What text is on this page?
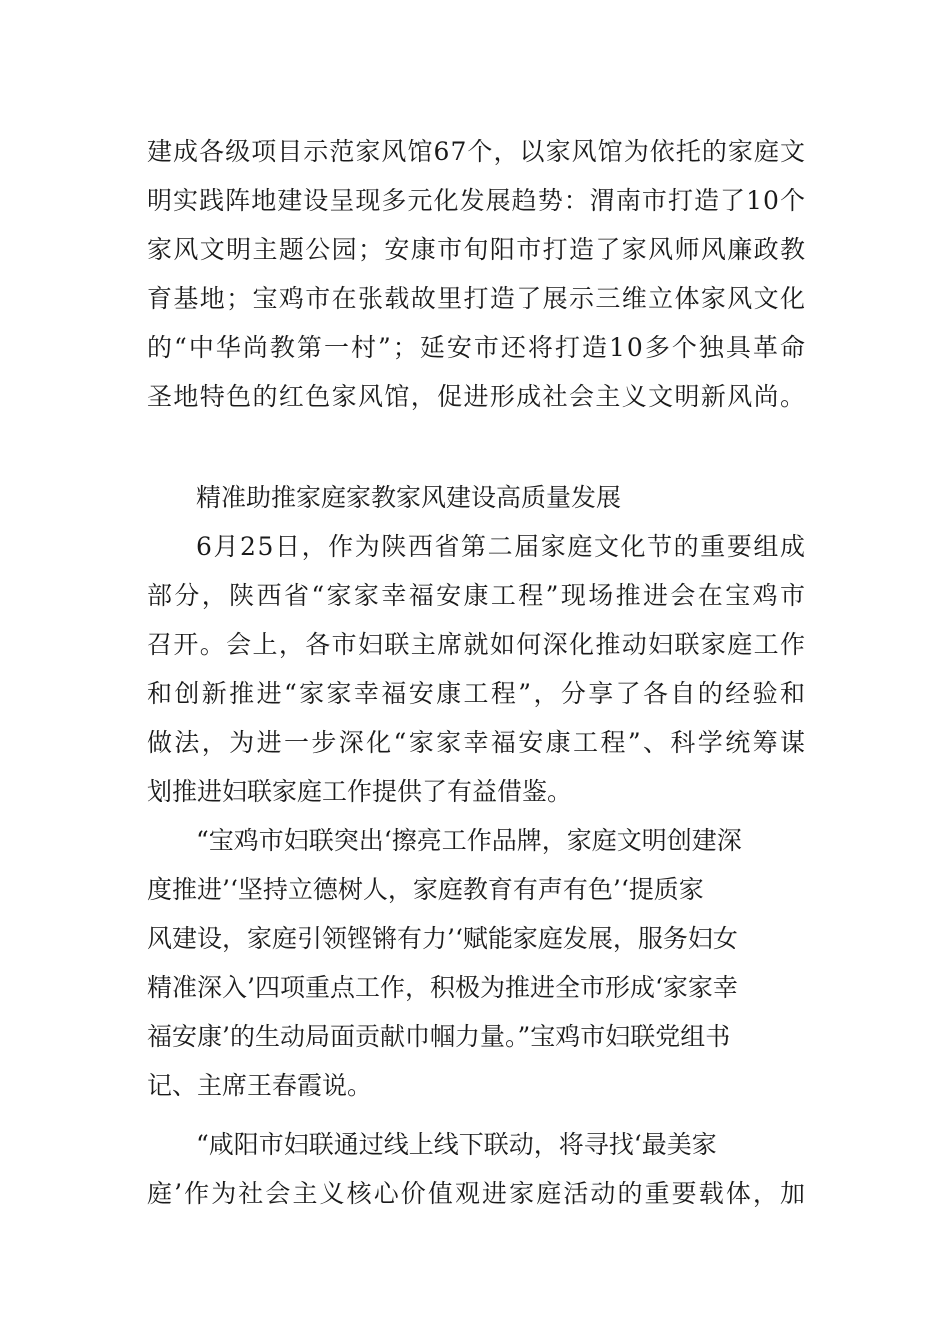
建成各级项目示范家风馆67个，以家风馆为依托的家庭文
明实践阵地建设呈现多元化发展趋势：渭南市打造了10个
家风文明主题公园；安康市旬阳市打造了家风师风廉政教
育基地；宝鸡市在张载故里打造了展示三维立体家风文化
的“中华尚教第一村”；延安市还将打造10多个独具革命
圣地特色的红色家风馆，促进形成社会主义文明新风尚。
精准助推家庭家教家风建设高质量发展
6月25日，作为陕西省第二届家庭文化节的重要组成
部分，陕西省“家家幸福安康工程”现场推进会在宝鸡市
召开。会上，各市妇联主席就如何深化推动妇联家庭工作
和创新推进“家家幸福安康工程”，分享了各自的经验和
做法，为进一步深化“家家幸福安康工程”、科学统筹谋
划推进妇联家庭工作提供了有益借鉴。
“宝鸡市妇联突出‘擦亮工作品牌，家庭文明创建深
度推进’‘坚持立德树人，家庭教育有声有色’‘提质家
风建设，家庭引领铿锵有力’‘赋能家庭发展，服务妇女
精准深入’四项重点工作，积极为推进全市形成‘家家幸
福安康’的生动局面贡献巾帼力量。”宝鸡市妇联党组书
记、主席王春霞说。
“咸阳市妇联通过线上线下联动，将寻找‘最美家
庭’作为社会主义核心价值观进家庭活动的重要载体，加
